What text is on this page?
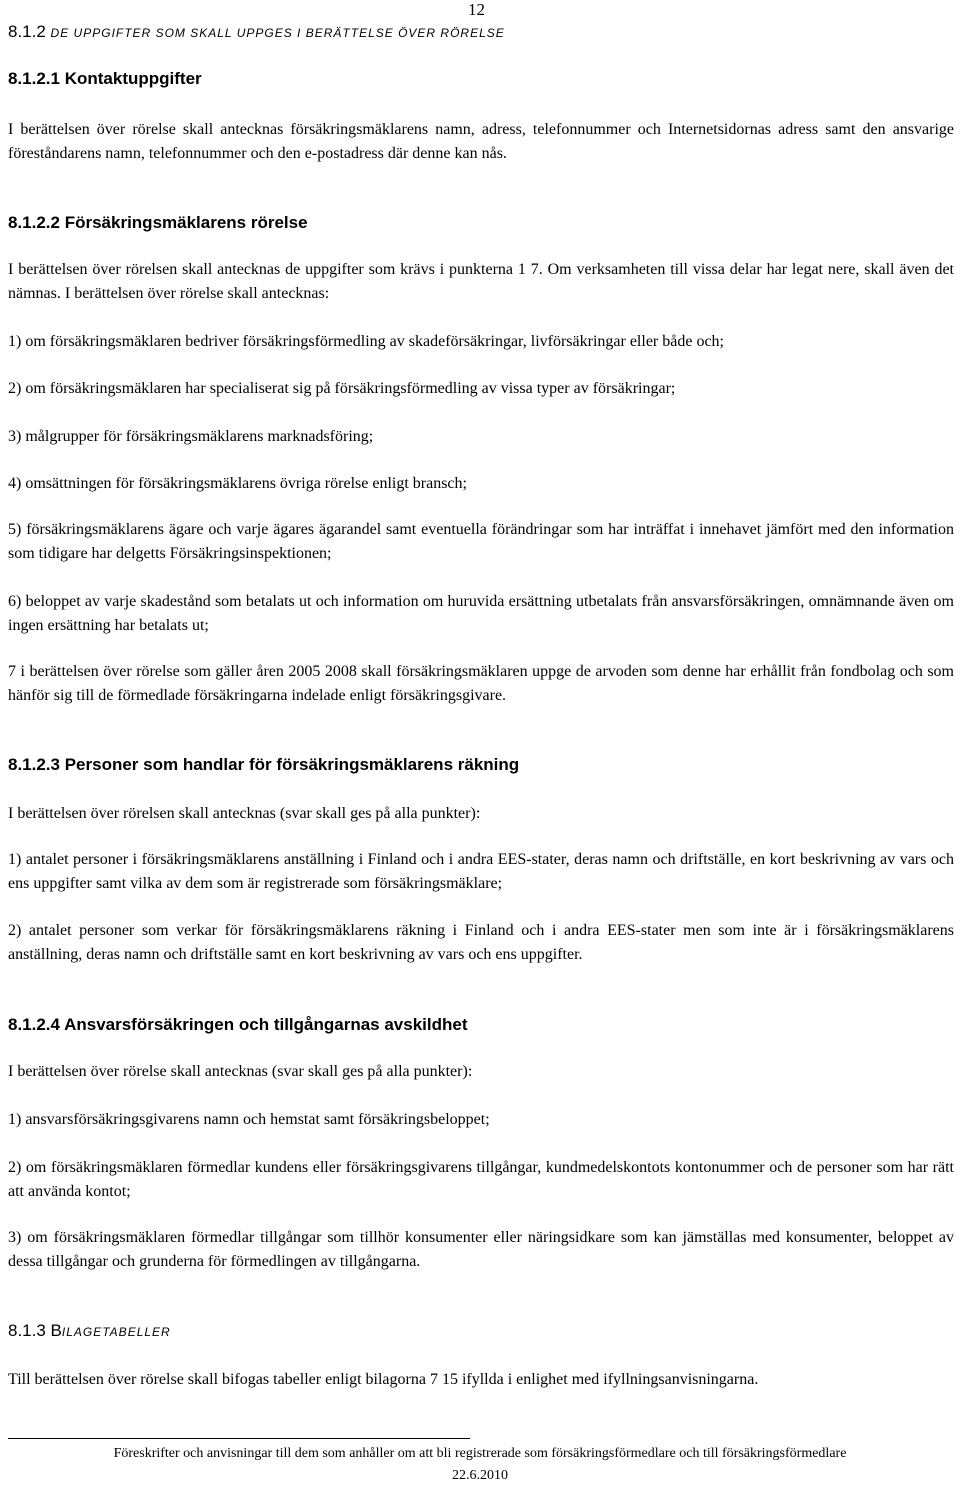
12
8.1.2 DE UPPGIFTER SOM SKALL UPPGES I BERÄTTELSE ÖVER RÖRELSE
8.1.2.1 Kontaktuppgifter
I berättelsen över rörelse skall antecknas försäkringsmäklarens namn, adress, telefonnummer och Internetsidornas adress samt den ansvarige föreståndarens namn, telefonnummer och den e-postadress där denne kan nås.
8.1.2.2 Försäkringsmäklarens rörelse
I berättelsen över rörelsen skall antecknas de uppgifter som krävs i punkterna 1 7. Om verksamheten till vissa delar har legat nere, skall även det nämnas. I berättelsen över rörelse skall antecknas:
1) om försäkringsmäklaren bedriver försäkringsförmedling av skadeförsäkringar, livförsäkringar eller både och;
2) om försäkringsmäklaren har specialiserat sig på försäkringsförmedling av vissa typer av försäkringar;
3) målgrupper för försäkringsmäklarens marknadsföring;
4) omsättningen för försäkringsmäklarens övriga rörelse enligt bransch;
5) försäkringsmäklarens ägare och varje ägares ägarandel samt eventuella förändringar som har inträffat i innehavet jämfört med den information som tidigare har delgetts Försäkringsinspektionen;
6) beloppet av varje skadestånd som betalats ut och information om huruvida ersättning utbetalats från ansvarsförsäkringen, omnämnande även om ingen ersättning har betalats ut;
7 i berättelsen över rörelse som gäller åren 2005 2008 skall försäkringsmäklaren uppge de arvoden som denne har erhållit från fondbolag och som hänför sig till de förmedlade försäkringarna indelade enligt försäkringsgivare.
8.1.2.3 Personer som handlar för försäkringsmäklarens räkning
I berättelsen över rörelsen skall antecknas (svar skall ges på alla punkter):
1) antalet personer i försäkringsmäklarens anställning i Finland och i andra EES-stater, deras namn och driftställe, en kort beskrivning av vars och ens uppgifter samt vilka av dem som är registrerade som försäkringsmäklare;
2) antalet personer som verkar för försäkringsmäklarens räkning i Finland och i andra EES-stater men som inte är i försäkringsmäklarens anställning, deras namn och driftställe samt en kort beskrivning av vars och ens uppgifter.
8.1.2.4 Ansvarsförsäkringen och tillgångarnas avskildhet
I berättelsen över rörelse skall antecknas (svar skall ges på alla punkter):
1) ansvarsförsäkringsgivarens namn och hemstat samt försäkringsbeloppet;
2) om försäkringsmäklaren förmedlar kundens eller försäkringsgivarens tillgångar, kundmedelskontots kontonummer och de personer som har rätt att använda kontot;
3) om försäkringsmäklaren förmedlar tillgångar som tillhör konsumenter eller näringsidkare som kan jämställas med konsumenter, beloppet av dessa tillgångar och grunderna för förmedlingen av tillgångarna.
8.1.3 BILAGETABELLER
Till berättelsen över rörelse skall bifogas tabeller enligt bilagorna 7 15 ifyllda i enlighet med ifyllningsanvisningarna.
Föreskrifter och anvisningar till dem som anhåller om att bli registrerade som försäkringsförmedlare och till försäkringsförmedlare
22.6.2010
